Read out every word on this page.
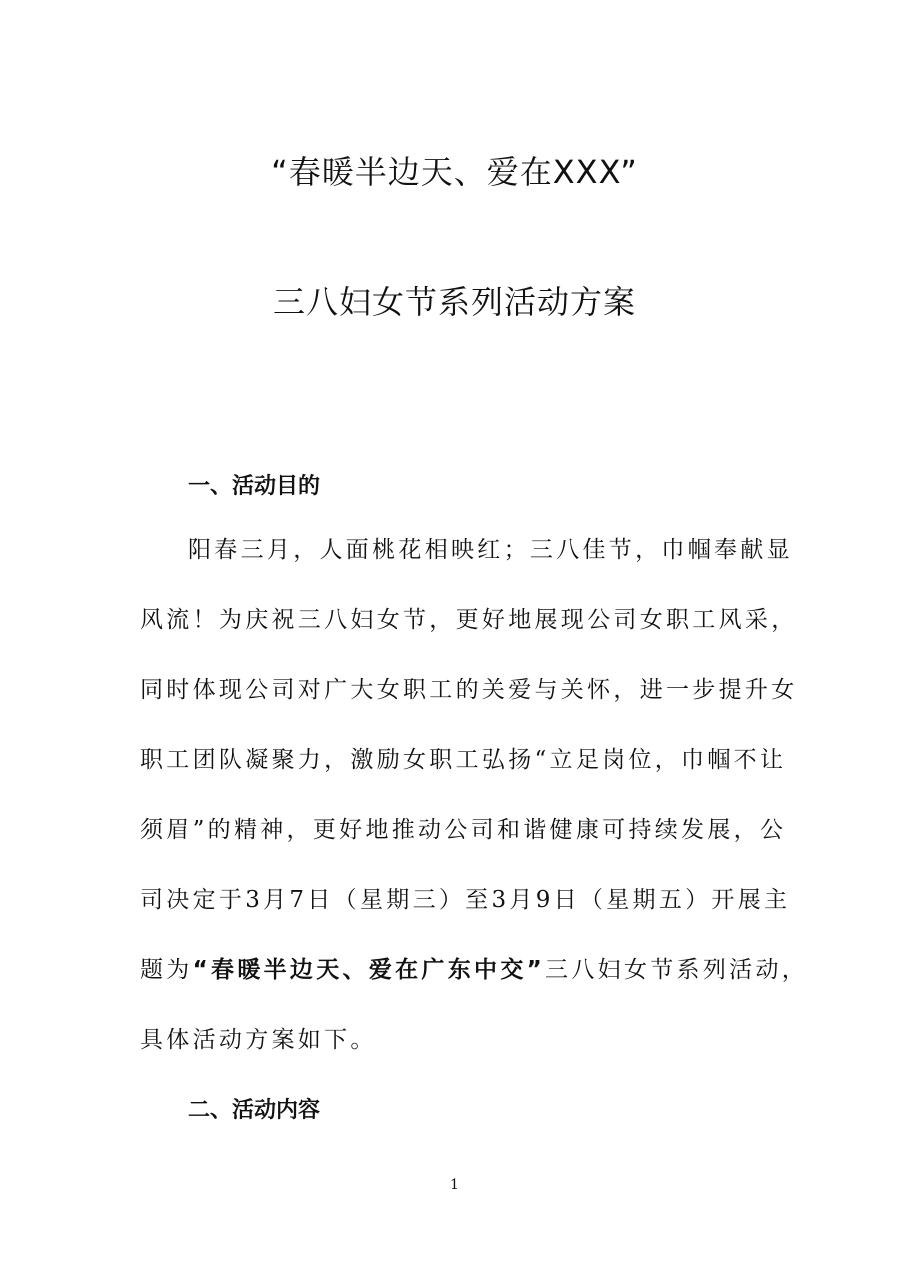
“春暖半边天、爱在XXX”
三八妇女节系列活动方案
一、活动目的
阳春三月，人面桃花相映红；三八佳节，巾帼奉献显
风流！为庆祝三八妇女节，更好地展现公司女职工风采，
同时体现公司对广大女职工的关爱与关怀，进一步提升女
职工团队凝聚力，激励女职工弘扬“立足岗位，巾帼不让
须眉”的精神，更好地推动公司和谐健康可持续发展，公
司决定于3月7日（星期三）至3月9日（星期五）开展主
题为“春暖半边天、爱在广东中交”三八妇女节系列活动，
具体活动方案如下。
二、活动内容
1
